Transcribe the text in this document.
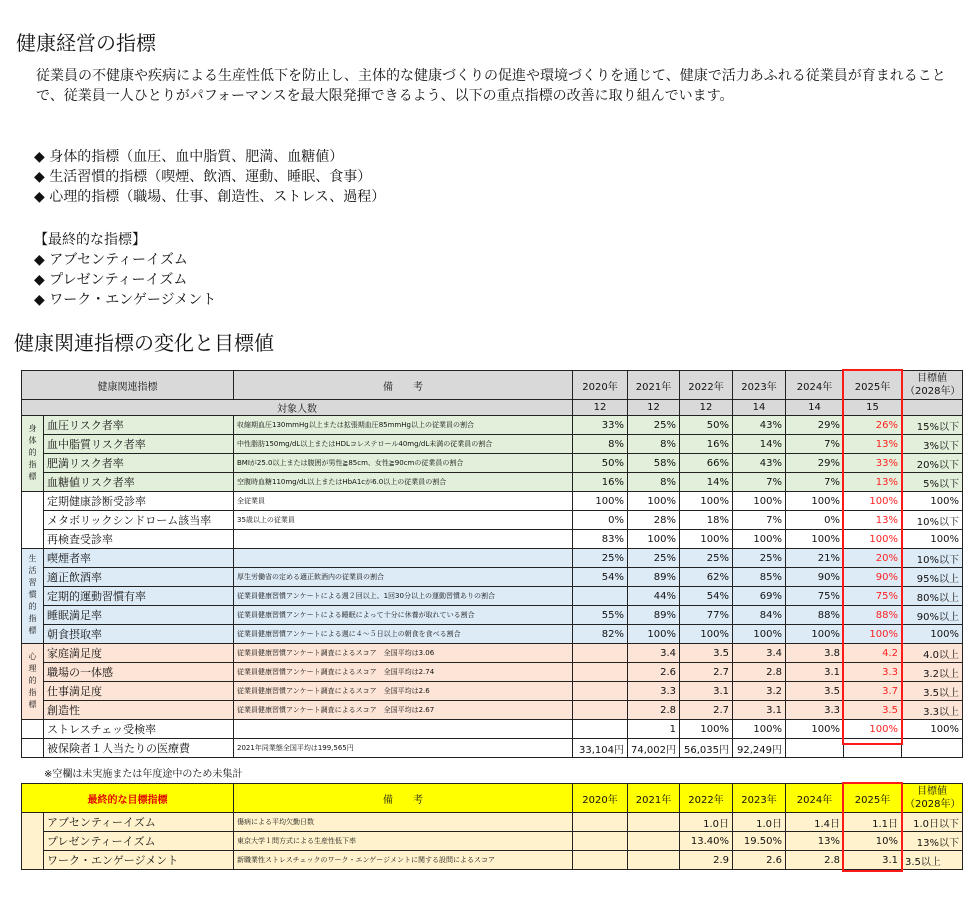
健康経営の指標

従業員の不健康や疾病による生産性低下を防止し、主体的な健康づくりの促進や環境づくりを通じて、健康で活力あふれる従業員が育まれることで、従業員一人ひとりがパフォーマンスを最大限発揮できるよう、以下の重点指標の改善に取り組んでいます。

◆ 身体的指標（血圧、血中脂質、肥満、血糖値）
◆ 生活習慣的指標（喫煙、飲酒、運動、睡眠、食事）
◆ 心理的指標（職場、仕事、創造性、ストレス、過程）
【最終的な指標】
◆ アブセンティーイズム
◆ プレゼンティーイズム
◆ ワーク・エンゲージメント
健康関連指標の変化と目標値
健康関連指標		備　　考	2020年	2021年	2022年	2023年	2024年	2025年	目標値
（2028年）

対象人数			12	12	12	14	14	15	
身体的指標	血圧リスク者率	収縮期血圧130mmHg以上または拡張期血圧85mmHg以上の従業員の割合	33%	25%	50%	43%	29%	26%	15%以下
	血中脂質リスク者率	中性脂肪150mg/dL以上またはHDLコレステロール40mg/dL未満の従業員の割合	8%	8%	16%	14%	7%	13%	3%以下
	肥満リスク者率	BMIが25.0以上または腹囲が男性≧85cm、女性≧90cmの従業員の割合	50%	58%	66%	43%	29%	33%	20%以下
	血糖値リスク者率	空腹時血糖110mg/dL以上またはHbA1cが6.0以上の従業員の割合	16%	8%	14%	7%	7%	13%	5%以下
	定期健康診断受診率	全従業員	100%	100%	100%	100%	100%	100%	100%
	メタボリックシンドローム該当率	35歳以上の従業員	0%	28%	18%	7%	0%	13%	10%以下
	再検査受診率		83%	100%	100%	100%	100%	100%	100%
生活習慣的指標	喫煙者率		25%	25%	25%	25%	21%	20%	10%以下
	適正飲酒率	厚生労働省の定める適正飲酒内の従業員の割合	54%	89%	62%	85%	90%	90%	95%以上
	定期的運動習慣有率	従業員健康習慣アンケートによる週２回以上、1回30分以上の運動習慣ありの割合		44%	54%	69%	75%	75%	80%以上
	睡眠満足率	従業員健康習慣アンケートによる睡眠によって十分に休養が取れている割合	55%	89%	77%	84%	88%	88%	90%以上
	朝食摂取率	従業員健康習慣アンケートによる週に４～５日以上の朝食を食べる割合	82%	100%	100%	100%	100%	100%	100%
心理的指標	家庭満足度	従業員健康習慣アンケート調査によるスコア　全国平均は3.06		3.4	3.5	3.4	3.8	4.2	4.0以上
	職場の一体感	従業員健康習慣アンケート調査によるスコア　全国平均は2.74		2.6	2.7	2.8	3.1	3.3	3.2以上
	仕事満足度	従業員健康習慣アンケート調査によるスコア　全国平均は2.6		3.3	3.1	3.2	3.5	3.7	3.5以上
	創造性	従業員健康習慣アンケート調査によるスコア　全国平均は2.67		2.8	2.7	3.1	3.3	3.5	3.3以上
	ストレスチェッ受検率			1	100%	100%	100%	100%	100%
	被保険者１人当たりの医療費	2021年同業態全国平均は199,565円	33,104円	74,002円	56,035円	92,249円			
※空欄は未実施または年度途中のため未集計
最終的な目標指標		備　　考	2020年	2021年	2022年	2023年	2024年	2025年	目標値
（2028年）

	アブセンティーイズム	傷病による平均欠勤日数			1.0日	1.0日	1.4日	1.1日	1.0日以下
	プレゼンティーイズム	東京大学１問方式による生産性低下率			13.40%	19.50%	13%	10%	13%以下
	ワーク・エンゲージメント	新職業性ストレスチェックのワーク・エンゲージメントに関する設問によるスコア			2.9	2.6	2.8	3.1	3.5以上
